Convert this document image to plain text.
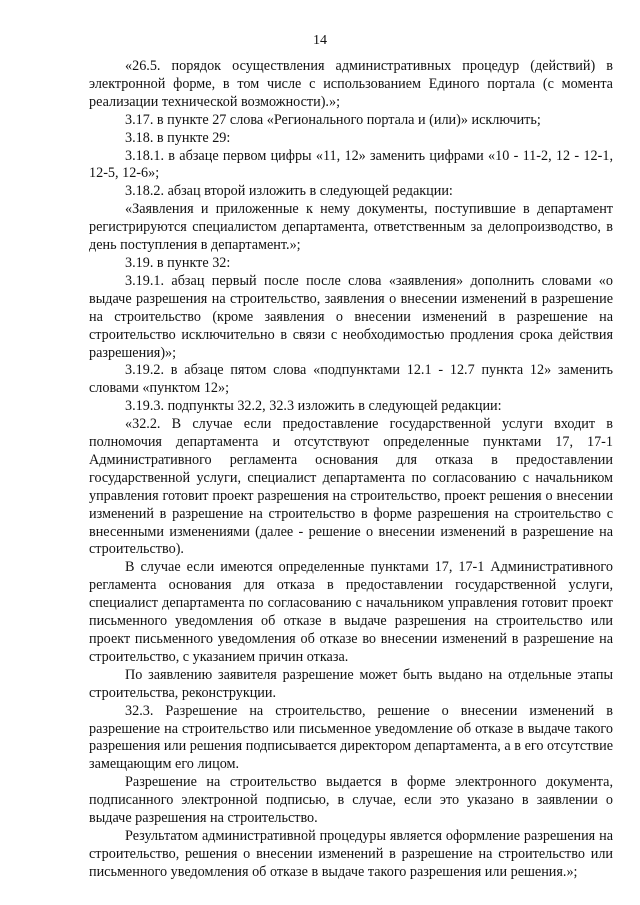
14

«26.5. порядок осуществления административных процедур (действий) в электронной форме, в том числе с использованием Единого портала (с момента реализации технической возможности).»;

3.17. в пункте 27 слова «Регионального портала и (или)» исключить;

3.18. в пункте 29:

3.18.1. в абзаце первом цифры «11, 12» заменить цифрами «10 - 11-2, 12 - 12-1, 12-5, 12-6»;

3.18.2. абзац второй изложить в следующей редакции:

«Заявления и приложенные к нему документы, поступившие в департамент регистрируются специалистом департамента, ответственным за делопроизводство, в день поступления в департамент.»;

3.19. в пункте 32:

3.19.1. абзац первый после после слова «заявления» дополнить словами «о выдаче разрешения на строительство, заявления о внесении изменений в разрешение на строительство (кроме заявления о внесении изменений в разрешение на строительство исключительно в связи с необходимостью продления срока действия разрешения)»;

3.19.2. в абзаце пятом слова «подпунктами 12.1 - 12.7 пункта 12» заменить словами «пунктом 12»;

3.19.3. подпункты 32.2, 32.3 изложить в следующей редакции:

«32.2. В случае если предоставление государственной услуги входит в полномочия департамента и отсутствуют определенные пунктами 17, 17-1 Административного регламента основания для отказа в предоставлении государственной услуги, специалист департамента по согласованию с начальником управления готовит проект разрешения на строительство, проект решения о внесении изменений в разрешение на строительство в форме разрешения на строительство с внесенными изменениями (далее - решение о внесении изменений в разрешение на строительство).

В случае если имеются определенные пунктами 17, 17-1 Административного регламента основания для отказа в предоставлении государственной услуги, специалист департамента по согласованию с начальником управления готовит проект письменного уведомления об отказе в выдаче разрешения на строительство или проект письменного уведомления об отказе во внесении изменений в разрешение на строительство, с указанием причин отказа.

По заявлению заявителя разрешение может быть выдано на отдельные этапы строительства, реконструкции.

32.3. Разрешение на строительство, решение о внесении изменений в разрешение на строительство или письменное уведомление об отказе в выдаче такого разрешения или решения подписывается директором департамента, а в его отсутствие замещающим его лицом.

Разрешение на строительство выдается в форме электронного документа, подписанного электронной подписью, в случае, если это указано в заявлении о выдаче разрешения на строительство.

Результатом административной процедуры является оформление разрешения на строительство, решения о внесении изменений в разрешение на строительство или письменного уведомления об отказе в выдаче такого разрешения или решения.»;
